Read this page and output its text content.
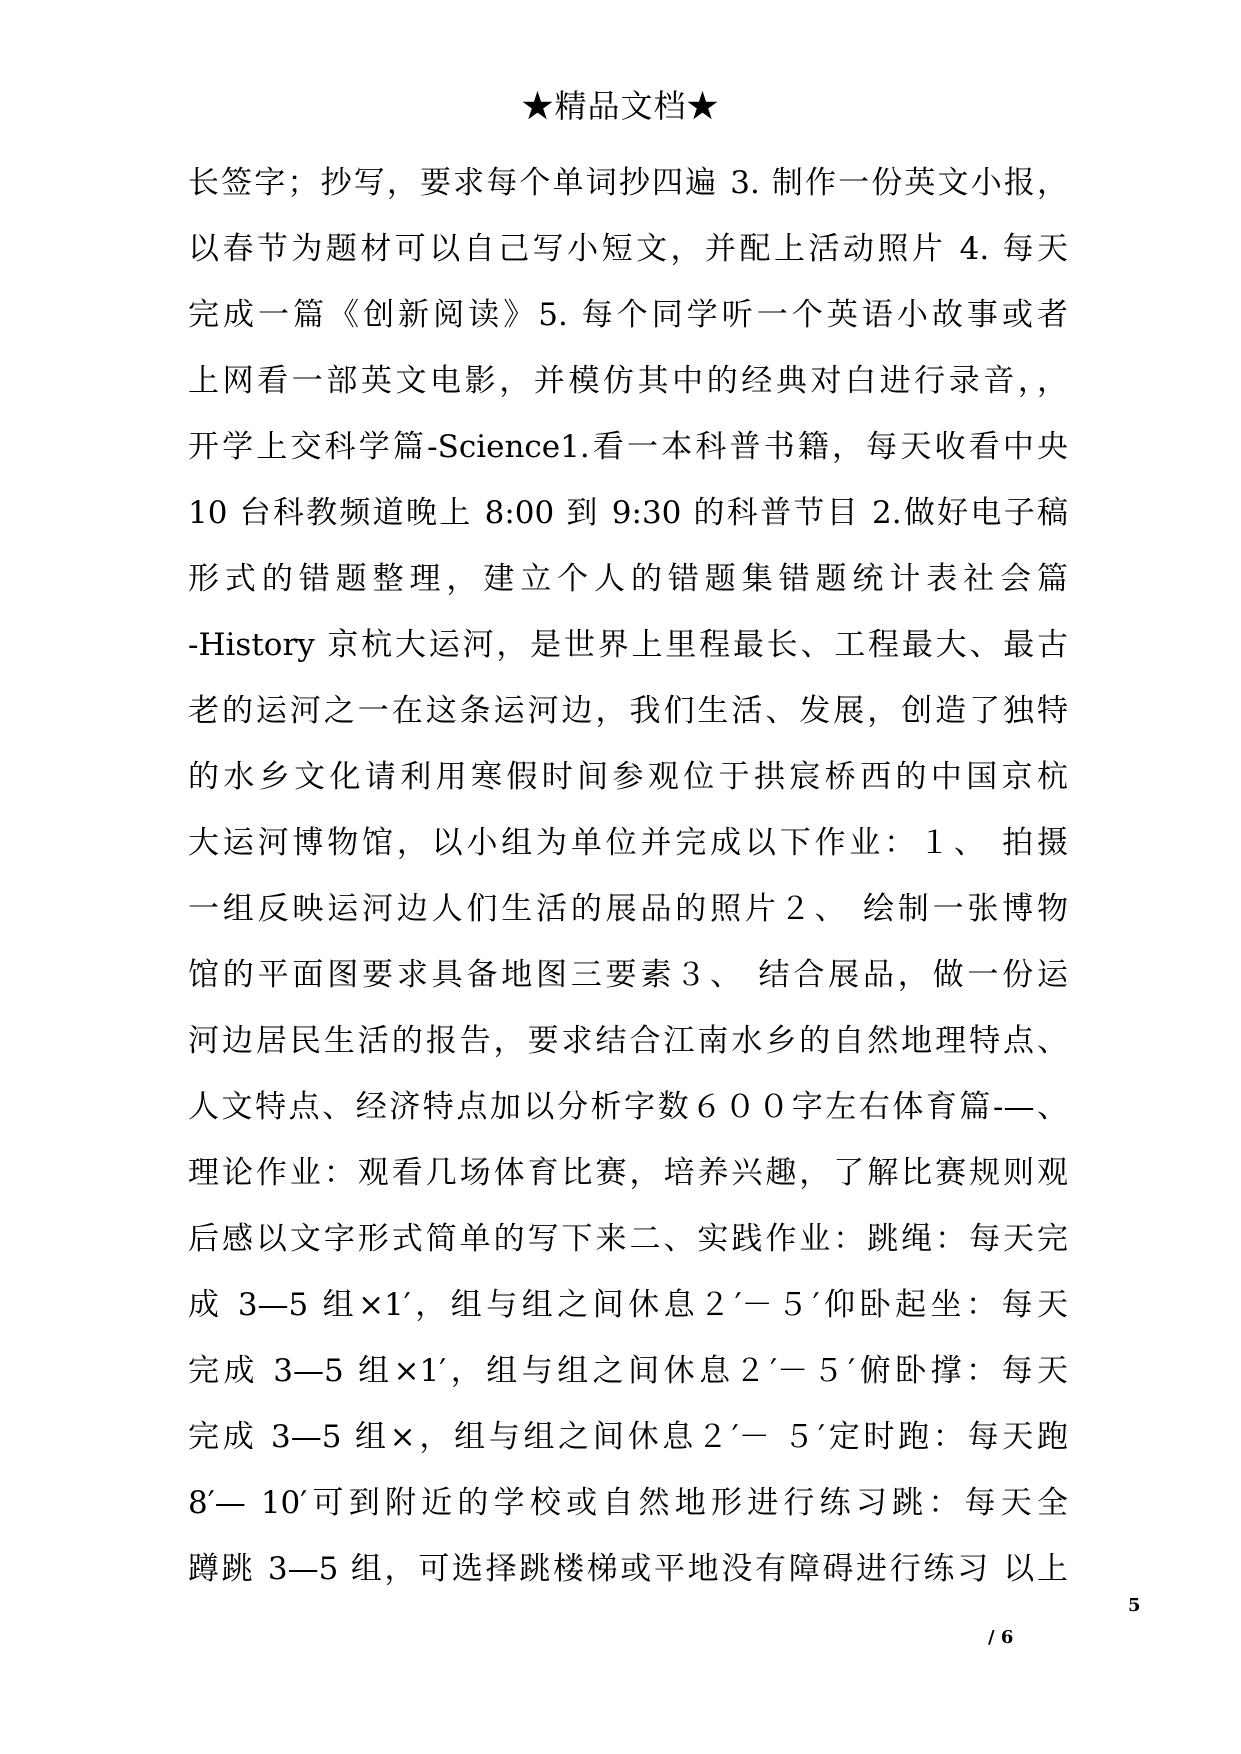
★精品文档★
长签字；抄写，要求每个单词抄四遍 3. 制作一份英文小报，
以春节为题材可以自己写小短文，并配上活动照片 4. 每天
完成一篇《创新阅读》5. 每个同学听一个英语小故事或者
上网看一部英文电影，并模仿其中的经典对白进行录音，，
开学上交科学篇-Science1.看一本科普书籍，每天收看中央
10 台科教频道晚上 8:00 到 9:30 的科普节目 2.做好电子稿
形式的错题整理，建立个人的错题集错题统计表社会篇
-History 京杭大运河，是世界上里程最长、工程最大、最古
老的运河之一在这条运河边，我们生活、发展，创造了独特
的水乡文化请利用寒假时间参观位于拱宸桥西的中国京杭
大运河博物馆，以小组为单位并完成以下作业：１、 拍摄
一组反映运河边人们生活的展品的照片２、 绘制一张博物
馆的平面图要求具备地图三要素３、 结合展品，做一份运
河边居民生活的报告，要求结合江南水乡的自然地理特点、
人文特点、经济特点加以分析字数６００字左右体育篇-—、
理论作业：观看几场体育比赛，培养兴趣，了解比赛规则观
后感以文字形式简单的写下来二、实践作业：跳绳：每天完
成 3—5 组×1′，组与组之间休息２′－５′仰卧起坐：每天
完成 3—5 组×1′，组与组之间休息２′－５′俯卧撑：每天
完成 3—5 组×，组与组之间休息２′－ ５′定时跑：每天跑
8′— 10′可到附近的学校或自然地形进行练习跳：每天全
蹲跳 3—5 组，可选择跳楼梯或平地没有障碍进行练习 以上
5
/ 6
